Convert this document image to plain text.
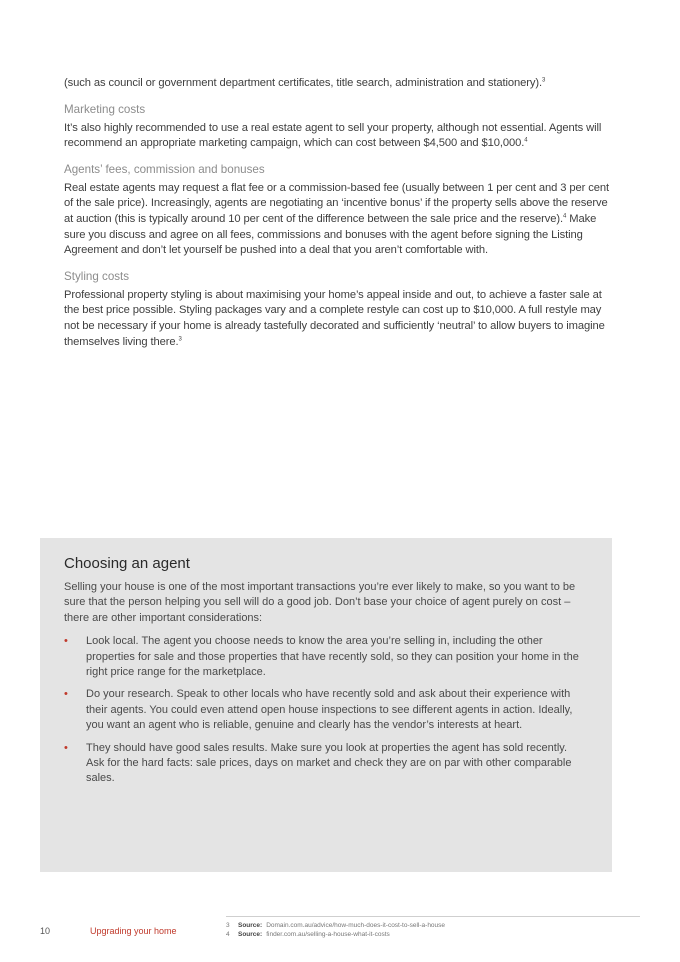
(such as council or government department certificates, title search, administration and stationery).$^3$

Marketing costs

It’s also highly recommended to use a real estate agent to sell your property, although not essential. Agents will recommend an appropriate marketing campaign, which can cost between $4,500 and $10,000.$^4$

Agents’ fees, commission and bonuses

Real estate agents may request a flat fee or a commission-based fee (usually between 1 per cent and 3 per cent of the sale price). Increasingly, agents are negotiating an ‘incentive bonus’ if the property sells above the reserve at auction (this is typically around 10 per cent of the difference between the sale price and the reserve).$^4$ Make sure you discuss and agree on all fees, commissions and bonuses with the agent before signing the Listing Agreement and don’t let yourself be pushed into a deal that you aren’t comfortable with.

Styling costs

Professional property styling is about maximising your home’s appeal inside and out, to achieve a faster sale at the best price possible. Styling packages vary and a complete restyle can cost up to $10,000. A full restyle may not be necessary if your home is already tastefully decorated and sufficiently ‘neutral’ to allow buyers to imagine themselves living there.$^3$

Choosing an agent

Selling your house is one of the most important transactions you’re ever likely to make, so you want to be sure that the person helping you sell will do a good job. Don’t base your choice of agent purely on cost – there are other important considerations:

• Look local. The agent you choose needs to know the area you’re selling in, including the other properties for sale and those properties that have recently sold, so they can position your home in the right price range for the marketplace.
• Do your research. Speak to other locals who have recently sold and ask about their experience with their agents. You could even attend open house inspections to see different agents in action. Ideally, you want an agent who is reliable, genuine and clearly has the vendor’s interests at heart.
• They should have good sales results. Make sure you look at properties the agent has sold recently. Ask for the hard facts: sale prices, days on market and check they are on par with other comparable sales.
10	Upgrading your home
3 Source: Domain.com.au/advice/how-much-does-it-cost-to-sell-a-house
4 Source: finder.com.au/selling-a-house-what-it-costs
